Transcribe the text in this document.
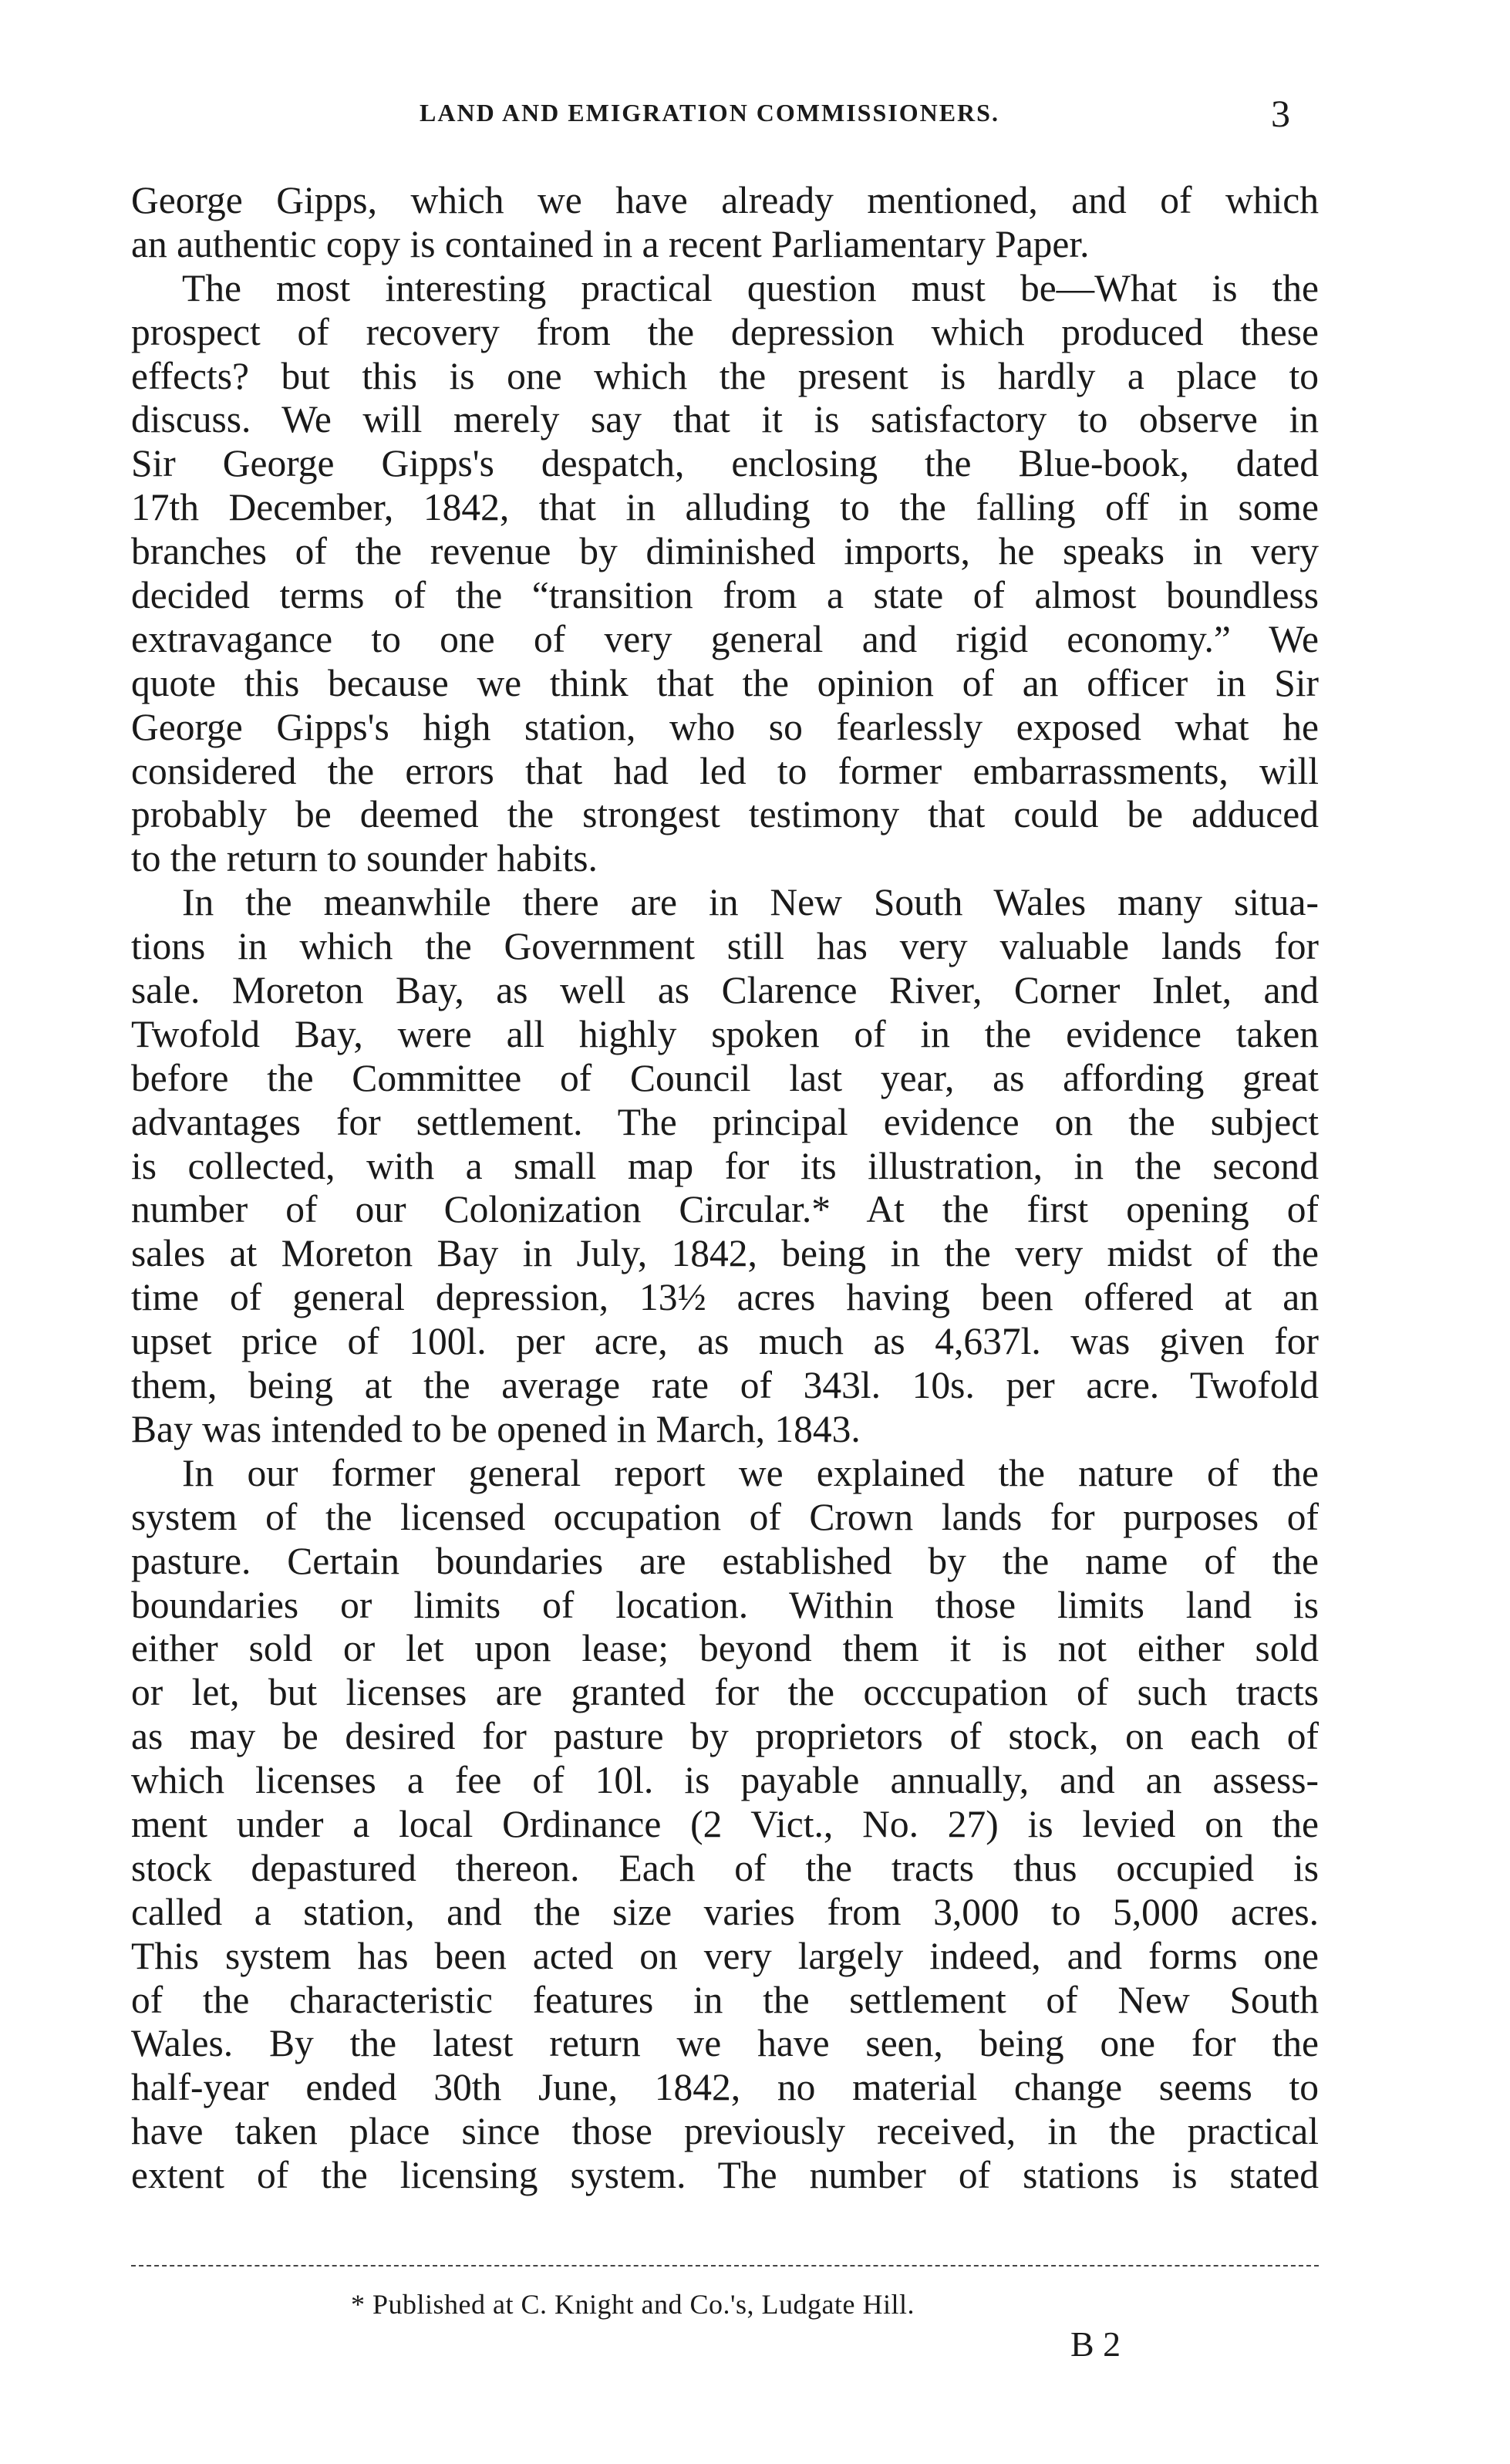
LAND AND EMIGRATION COMMISSIONERS.	3
George Gipps, which we have already mentioned, and of which
an authentic copy is contained in a recent Parliamentary Paper.
The most interesting practical question must be—What is the
prospect of recovery from the depression which produced these
effects? but this is one which the present is hardly a place to
discuss. We will merely say that it is satisfactory to observe in
Sir George Gipps's despatch, enclosing the Blue-book, dated
17th December, 1842, that in alluding to the falling off in some
branches of the revenue by diminished imports, he speaks in very
decided terms of the “transition from a state of almost boundless
extravagance to one of very general and rigid economy.” We
quote this because we think that the opinion of an officer in Sir
George Gipps's high station, who so fearlessly exposed what he
considered the errors that had led to former embarrassments, will
probably be deemed the strongest testimony that could be adduced
to the return to sounder habits.
In the meanwhile there are in New South Wales many situa-
tions in which the Government still has very valuable lands for
sale. Moreton Bay, as well as Clarence River, Corner Inlet, and
Twofold Bay, were all highly spoken of in the evidence taken
before the Committee of Council last year, as affording great
advantages for settlement. The principal evidence on the subject
is collected, with a small map for its illustration, in the second
number of our Colonization Circular.* At the first opening of
sales at Moreton Bay in July, 1842, being in the very midst of the
time of general depression, 13½ acres having been offered at an
upset price of 100l. per acre, as much as 4,637l. was given for
them, being at the average rate of 343l. 10s. per acre. Twofold
Bay was intended to be opened in March, 1843.
In our former general report we explained the nature of the
system of the licensed occupation of Crown lands for purposes of
pasture. Certain boundaries are established by the name of the
boundaries or limits of location. Within those limits land is
either sold or let upon lease; beyond them it is not either sold
or let, but licenses are granted for the occcupation of such tracts
as may be desired for pasture by proprietors of stock, on each of
which licenses a fee of 10l. is payable annually, and an assess-
ment under a local Ordinance (2 Vict., No. 27) is levied on the
stock depastured thereon. Each of the tracts thus occupied is
called a station, and the size varies from 3,000 to 5,000 acres.
This system has been acted on very largely indeed, and forms one
of the characteristic features in the settlement of New South
Wales. By the latest return we have seen, being one for the
half-year ended 30th June, 1842, no material change seems to
have taken place since those previously received, in the practical
extent of the licensing system. The number of stations is stated
* Published at C. Knight and Co.'s, Ludgate Hill.
B 2
